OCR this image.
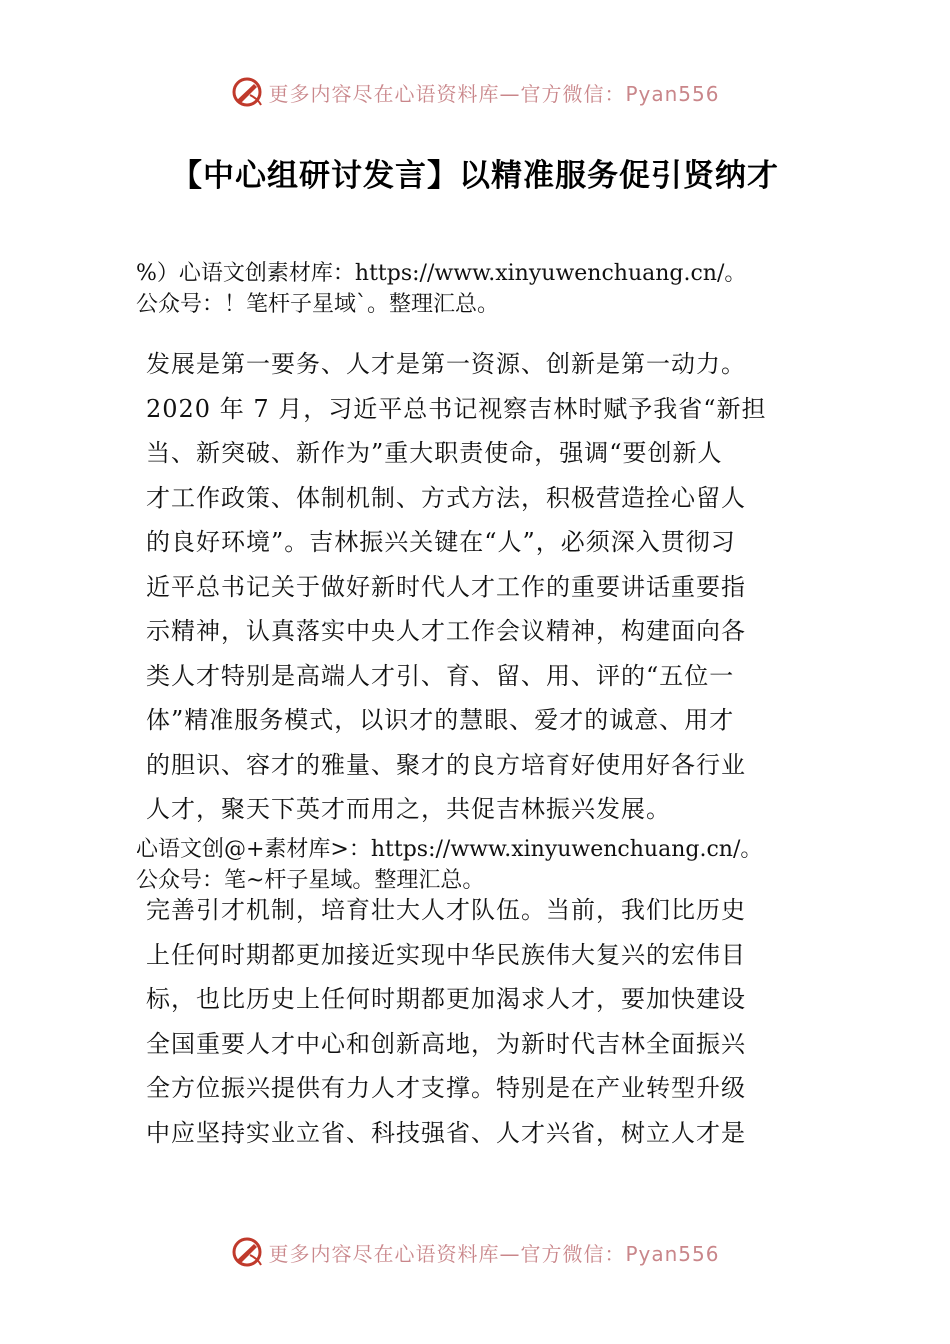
更多内容尽在心语资料库—官方微信：Pyan556
【中心组研讨发言】以精准服务促引贤纳才
%）心语文创素材库：https://www.xinyuwenchuang.cn/。
公众号：！笔杆子星域`。整理汇总。
发展是第一要务、人才是第一资源、创新是第一动力。
2020 年 7 月，习近平总书记视察吉林时赋予我省“新担
当、新突破、新作为”重大职责使命，强调“要创新人
才工作政策、体制机制、方式方法，积极营造拴心留人
的良好环境”。吉林振兴关键在“人”，必须深入贯彻习
近平总书记关于做好新时代人才工作的重要讲话重要指
示精神，认真落实中央人才工作会议精神，构建面向各
类人才特别是高端人才引、育、留、用、评的“五位一
体”精准服务模式，以识才的慧眼、爱才的诚意、用才
的胆识、容才的雅量、聚才的良方培育好使用好各行业
人才，聚天下英才而用之，共促吉林振兴发展。
心语文创@+素材库>：https://www.xinyuwenchuang.cn/。
公众号：笔~杆子星域。整理汇总。
完善引才机制，培育壮大人才队伍。当前，我们比历史
上任何时期都更加接近实现中华民族伟大复兴的宏伟目
标，也比历史上任何时期都更加渴求人才，要加快建设
全国重要人才中心和创新高地，为新时代吉林全面振兴
全方位振兴提供有力人才支撑。特别是在产业转型升级
中应坚持实业立省、科技强省、人才兴省，树立人才是
更多内容尽在心语资料库—官方微信：Pyan556
